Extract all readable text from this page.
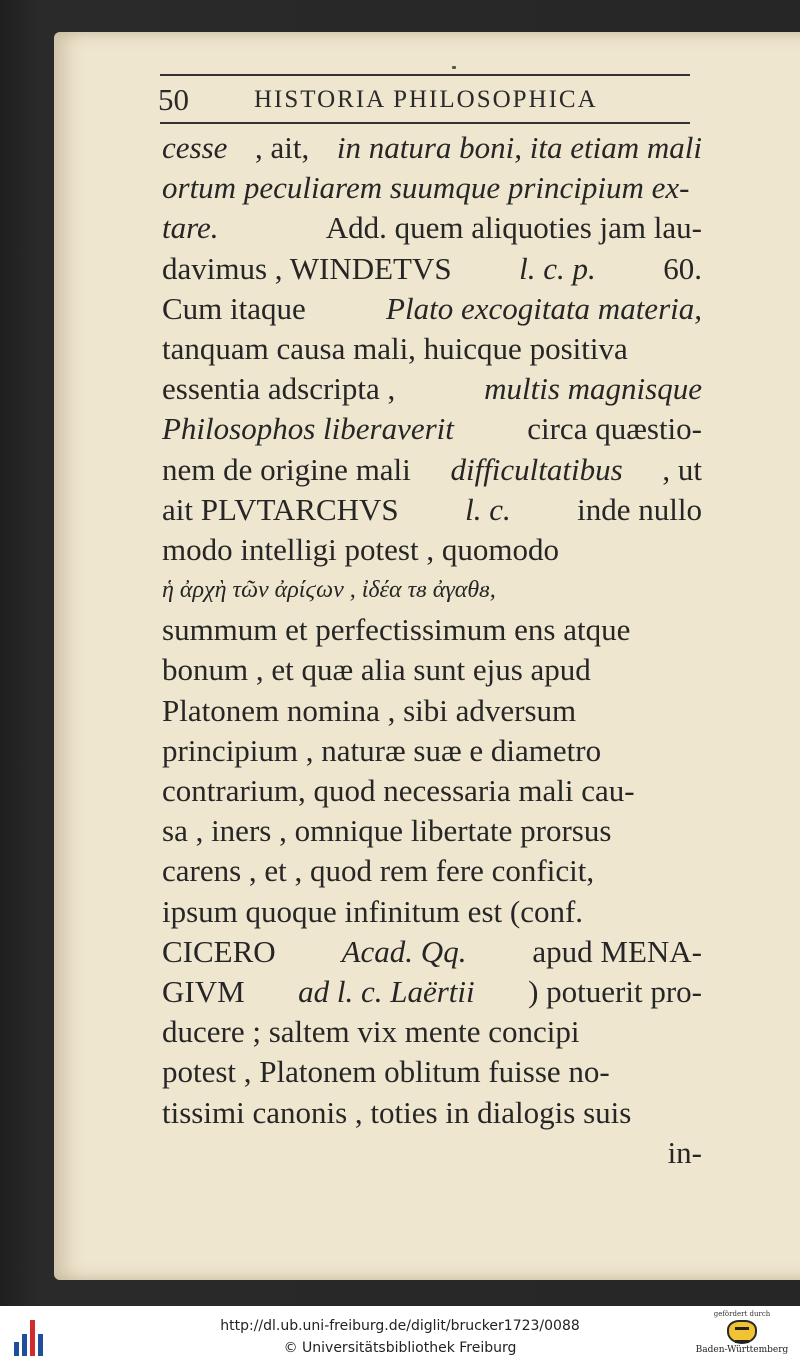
50	HISTORIA PHILOSOPHICA
cesse , ait, in natura boni, ita etiam mali
ortum peculiarem suumque principium ex-
tare.	Add. quem aliquoties jam lau-
davimus , WINDETVS l. c. p. 60.
Cum itaque	Plato excogitata materia,
tanquam causa mali, huicque positiva
essentia adscripta ,	multis magnisque
Philosophos liberaverit circa quæstio-
nem de origine mali difficultatibus , ut
ait PLVTARCHVS l. c. inde nullo
modo intelligi potest , quomodo
ἡ ἀρχὴ τῶν ἀρίϛων , ἰδέα τᴕ ἀγαθᴕ,
summum et perfectissimum ens atque
bonum , et quæ alia sunt ejus apud
Platonem nomina , sibi adversum
principium , naturæ suæ e diametro
contrarium, quod necessaria mali cau-
sa , iners , omnique libertate prorsus
carens , et , quod rem fere conficit,
ipsum quoque infinitum est (conf.
CICERO Acad. Qq. apud MENA-
GIVM ad l. c. Laërtii ) potuerit pro-
ducere ; saltem vix mente concipi
potest , Platonem oblitum fuisse no-
tissimi canonis , toties in dialogis suis
in-
http://dl.ub.uni-freiburg.de/diglit/brucker1723/0088
© Universitätsbibliothek Freiburg
gefördert durch
Baden-Württemberg
